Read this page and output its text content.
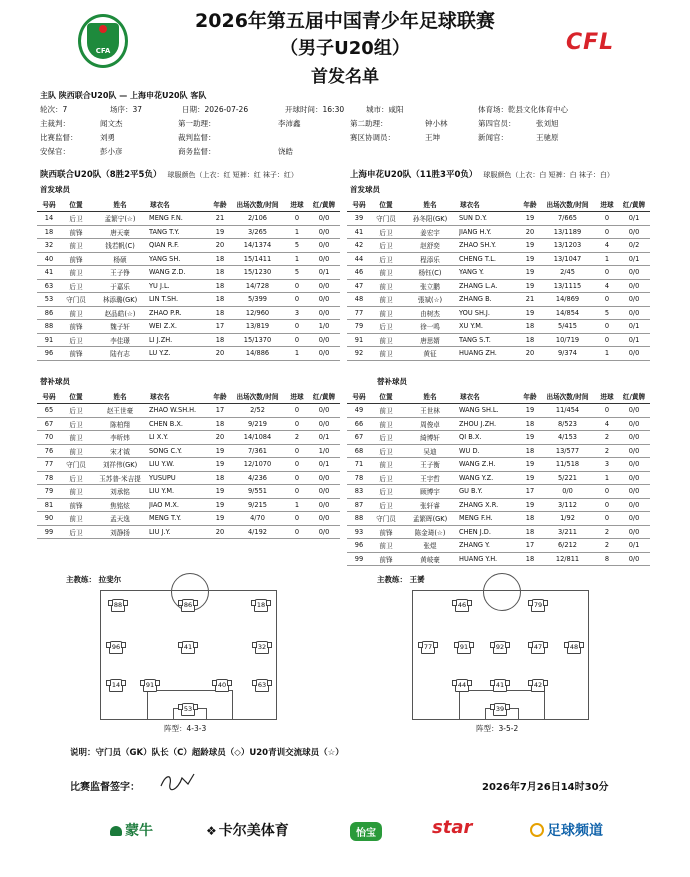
CFA
2026年第五届中国青少年足球联赛
（男子U20组）
首发名单
CFL
主队 陕西联合U20队 — 上海申花U20队 客队
轮次：7	场序：37	日期：2026-07-26	开球时间：16:30	城市：咸阳	体育场：乾县文化体育中心
主裁判：	闻文杰	第一助理：	李沛鑫	第二助理：	钟小林	第四官员：	张刘旭
比赛监督：	刘勇	裁判监督：	赛区协调员：	王坤	新闻官：	王驰原
安保官：	彭小彦	商务监督：	饶皓
陕西联合U20队（8胜2平5负） 球服颜色（上衣：红 短裤：红 袜子：红）	上海申花U20队（11胜3平0负） 球服颜色（上衣：白 短裤：白 袜子：白）
首发球员	首发球员
号码	位置	姓名	球衣名	年龄	出场次数/时间	进球	红/黄牌
14	后卫	孟繁宁(☆)	MENG F.N.	21	2/106	0	0/0
18	前锋	唐天豪	TANG T.Y.	19	3/265	1	0/0
32	前卫	钱若帆(C)	QIAN R.F.	20	14/1374	5	0/0
40	前锋	杨硕	YANG SH.	18	15/1411	1	0/0
41	前卫	王子铮	WANG Z.D.	18	15/1230	5	0/1
63	后卫	于嘉乐	YU J.L.	18	14/728	0	0/0
53	守门员	林添璐(GK)	LIN T.SH.	18	5/399	0	0/0
86	前卫	赵品皓(☆)	ZHAO P.R.	18	12/960	3	0/0
88	前锋	魏子轩	WEI Z.X.	17	13/819	0	1/0
91	后卫	李佳璟	LI J.ZH.	18	15/1370	0	0/0
96	前锋	陆有志	LU Y.Z.	20	14/886	1	0/0
号码	位置	姓名	球衣名	年龄	出场次数/时间	进球	红/黄牌
39	守门员	孙冬阳(GK)	SUN D.Y.	19	7/665	0	0/1
41	后卫	姜宏宇	JIANG H.Y.	20	13/1189	0	0/0
42	后卫	赵舒奕	ZHAO SH.Y.	19	13/1203	4	0/2
44	后卫	程添乐	CHENG T.L.	19	13/1047	1	0/1
46	前卫	杨钰(C)	YANG Y.	19	2/45	0	0/0
47	前卫	张立鹏	ZHANG L.A.	19	13/1115	4	0/0
48	前卫	張斌(☆)	ZHANG B.	21	14/869	0	0/0
77	前卫	由树杰	YOU SH.J.	19	14/854	5	0/0
79	后卫	徐一鸣	XU Y.M.	18	5/415	0	0/1
91	前卫	唐思婿	TANG S.T.	18	10/719	0	0/1
92	前卫	黄征	HUANG ZH.	20	9/374	1	0/0
替补球员	替补球员
号码	位置	姓名	球衣名	年龄	出场次数/时间	进球	红/黄牌
65	后卫	赵王世豪	ZHAO W.SH.H.	17	2/52	0	0/0
67	后卫	陈柏翔	CHEN B.X.	18	9/219	0	0/0
70	前卫	李昕炜	LI X.Y.	20	14/1084	2	0/1
76	前卫	宋才钺	SONG C.Y.	19	7/361	0	1/0
77	守门员	刘祥伟(GK)	LIU Y.W.	19	12/1070	0	0/1
78	后卫	玉苏普·米吉提	YUSUPU	18	4/236	0	0/0
79	前卫	刘承铭	LIU Y.M.	19	9/551	0	0/0
81	前锋	焦铭炫	JIAO M.X.	19	9/215	1	0/0
90	前卫	孟天逸	MENG T.Y.	19	4/70	0	0/0
99	后卫	刘静扬	LIU J.Y.	20	4/192	0	0/0
号码	位置	姓名	球衣名	年龄	出场次数/时间	进球	红/黄牌
49	前卫	王世林	WANG SH.L.	19	11/454	0	0/0
66	前卫	周俊卓	ZHOU J.ZH.	18	8/523	4	0/0
67	后卫	綺博轩	QI B.X.	19	4/153	2	0/0
68	后卫	吴迪	WU D.	18	13/577	2	0/0
71	前卫	王子衡	WANG Z.H.	19	11/518	3	0/0
78	后卫	王宇哲	WANG Y.Z.	19	5/221	1	0/0
83	后卫	顾博宇	GU B.Y.	17	0/0	0	0/0
87	后卫	张轩睿	ZHANG X.R.	19	3/112	0	0/0
88	守门员	孟繁晖(GK)	MENG F.H.	18	1/92	0	0/0
93	前锋	陈金琦(☆)	CHEN J.D.	18	3/211	2	0/0
96	前卫	张煜	ZHANG Y.	17	6/212	2	0/1
99	前锋	黄岐豪	HUANG Y.H.	18	12/811	8	0/0
主教练： 拉斐尔	主教练： 王赟
88	86	18
96	41	32
14	91	40	63
53
46	79
77	91	92	47	48
44	41	42
39
阵型：4-3-3	阵型：3-5-2
说明：守门员（GK）队长（C）超龄球员（◇）U20青训交流球员（☆）
比赛监督签字：	2026年7月26日14时30分
蒙牛	❖ 卡尔美体育	怡宝	star	足球频道
